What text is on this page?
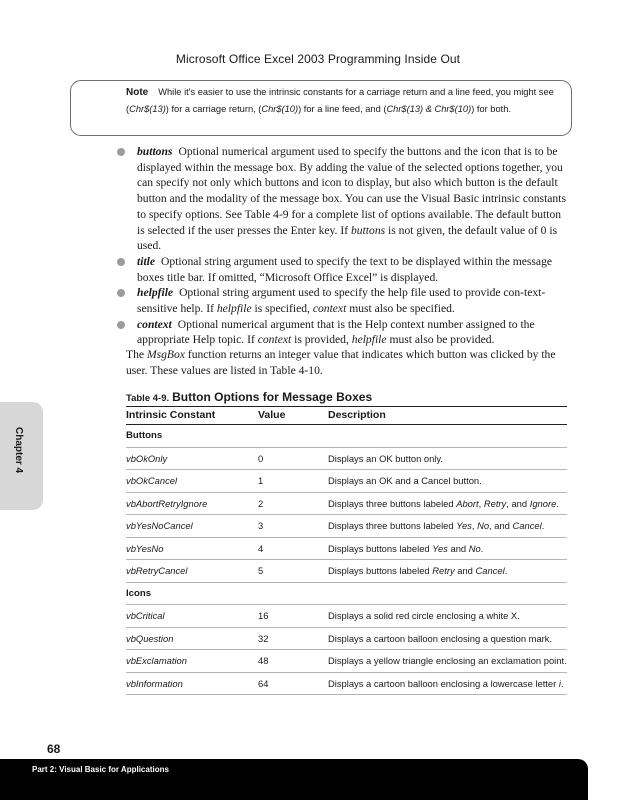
Microsoft Office Excel 2003 Programming Inside Out
Note While it's easier to use the intrinsic constants for a carriage return and a line feed, you might see (Chr$(13)) for a carriage return, (Chr$(10)) for a line feed, and (Chr$(13) & Chr$(10)) for both.
buttons Optional numerical argument used to specify the buttons and the icon that is to be displayed within the message box. By adding the value of the selected options together, you can specify not only which buttons and icon to display, but also which button is the default button and the modality of the message box. You can use the Visual Basic intrinsic constants to specify options. See Table 4-9 for a complete list of options available. The default button is selected if the user presses the Enter key. If buttons is not given, the default value of 0 is used.
title Optional string argument used to specify the text to be displayed within the message boxes title bar. If omitted, “Microsoft Office Excel” is displayed.
helpfile Optional string argument used to specify the help file used to provide con-text-sensitive help. If helpfile is specified, context must also be specified.
context Optional numerical argument that is the Help context number assigned to the appropriate Help topic. If context is provided, helpfile must also be provided.
The MsgBox function returns an integer value that indicates which button was clicked by the user. These values are listed in Table 4-10.
Table 4-9. Button Options for Message Boxes
Intrinsic Constant	Value	Description
Buttons
vbOkOnly	0	Displays an OK button only.
vbOkCancel	1	Displays an OK and a Cancel button.
vbAbortRetryIgnore	2	Displays three buttons labeled Abort, Retry, and Ignore.
vbYesNoCancel	3	Displays three buttons labeled Yes, No, and Cancel.
vbYesNo	4	Displays buttons labeled Yes and No.
vbRetryCancel	5	Displays buttons labeled Retry and Cancel.
Icons
vbCritical	16	Displays a solid red circle enclosing a white X.
vbQuestion	32	Displays a cartoon balloon enclosing a question mark.
vbExclamation	48	Displays a yellow triangle enclosing an exclamation point.
vbInformation	64	Displays a cartoon balloon enclosing a lowercase letter i.
Chapter 4
68
Part 2: Visual Basic for Applications
